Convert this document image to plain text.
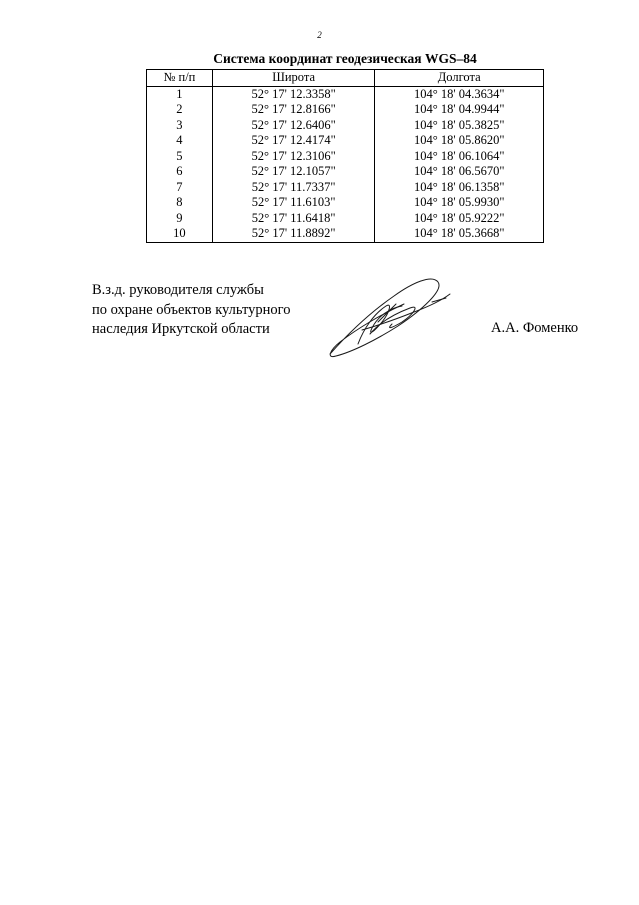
2
Система координат геодезическая WGS–84
№ п/п	Широта	Долгота
1	52° 17' 12.3358"	104° 18' 04.3634"
2	52° 17' 12.8166"	104° 18' 04.9944"
3	52° 17' 12.6406"	104° 18' 05.3825"
4	52° 17' 12.4174"	104° 18' 05.8620"
5	52° 17' 12.3106"	104° 18' 06.1064"
6	52° 17' 12.1057"	104° 18' 06.5670"
7	52° 17' 11.7337"	104° 18' 06.1358"
8	52° 17' 11.6103"	104° 18' 05.9930"
9	52° 17' 11.6418"	104° 18' 05.9222"
10	52° 17' 11.8892"	104° 18' 05.3668"
В.з.д. руководителя службы
по охране объектов культурного
наследия Иркутской области	А.А. Фоменко
